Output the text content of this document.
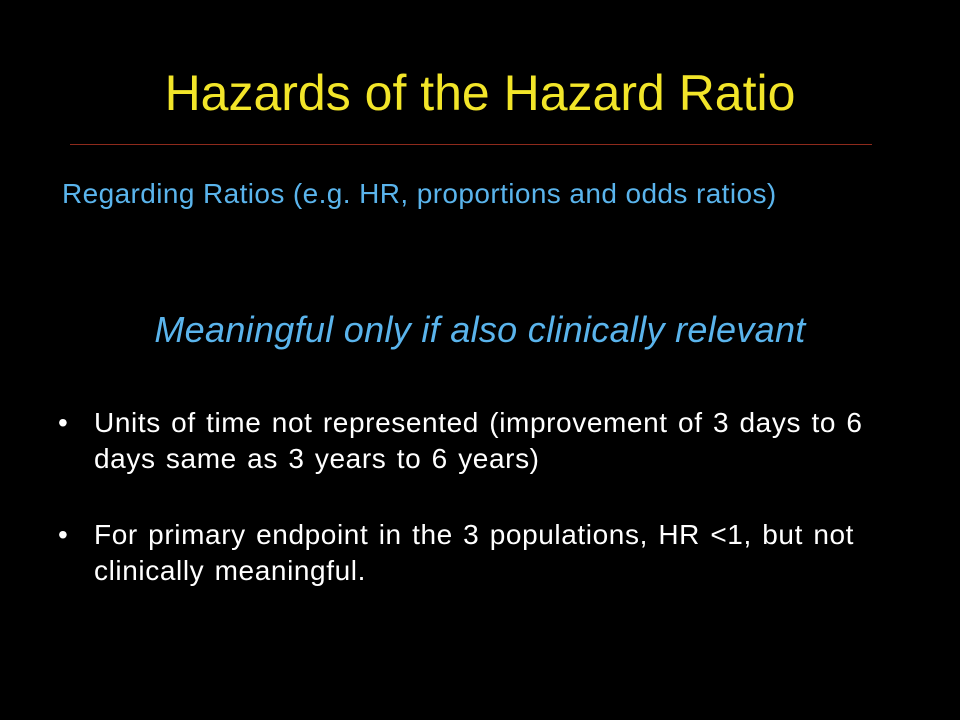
Hazards of the Hazard Ratio
Regarding Ratios (e.g. HR, proportions and odds ratios)
Meaningful only if also clinically relevant
• Units of time not represented (improvement of 3 days to 6 days same as 3 years to 6 years)
• For primary endpoint in the 3 populations, HR <1, but not clinically meaningful.
